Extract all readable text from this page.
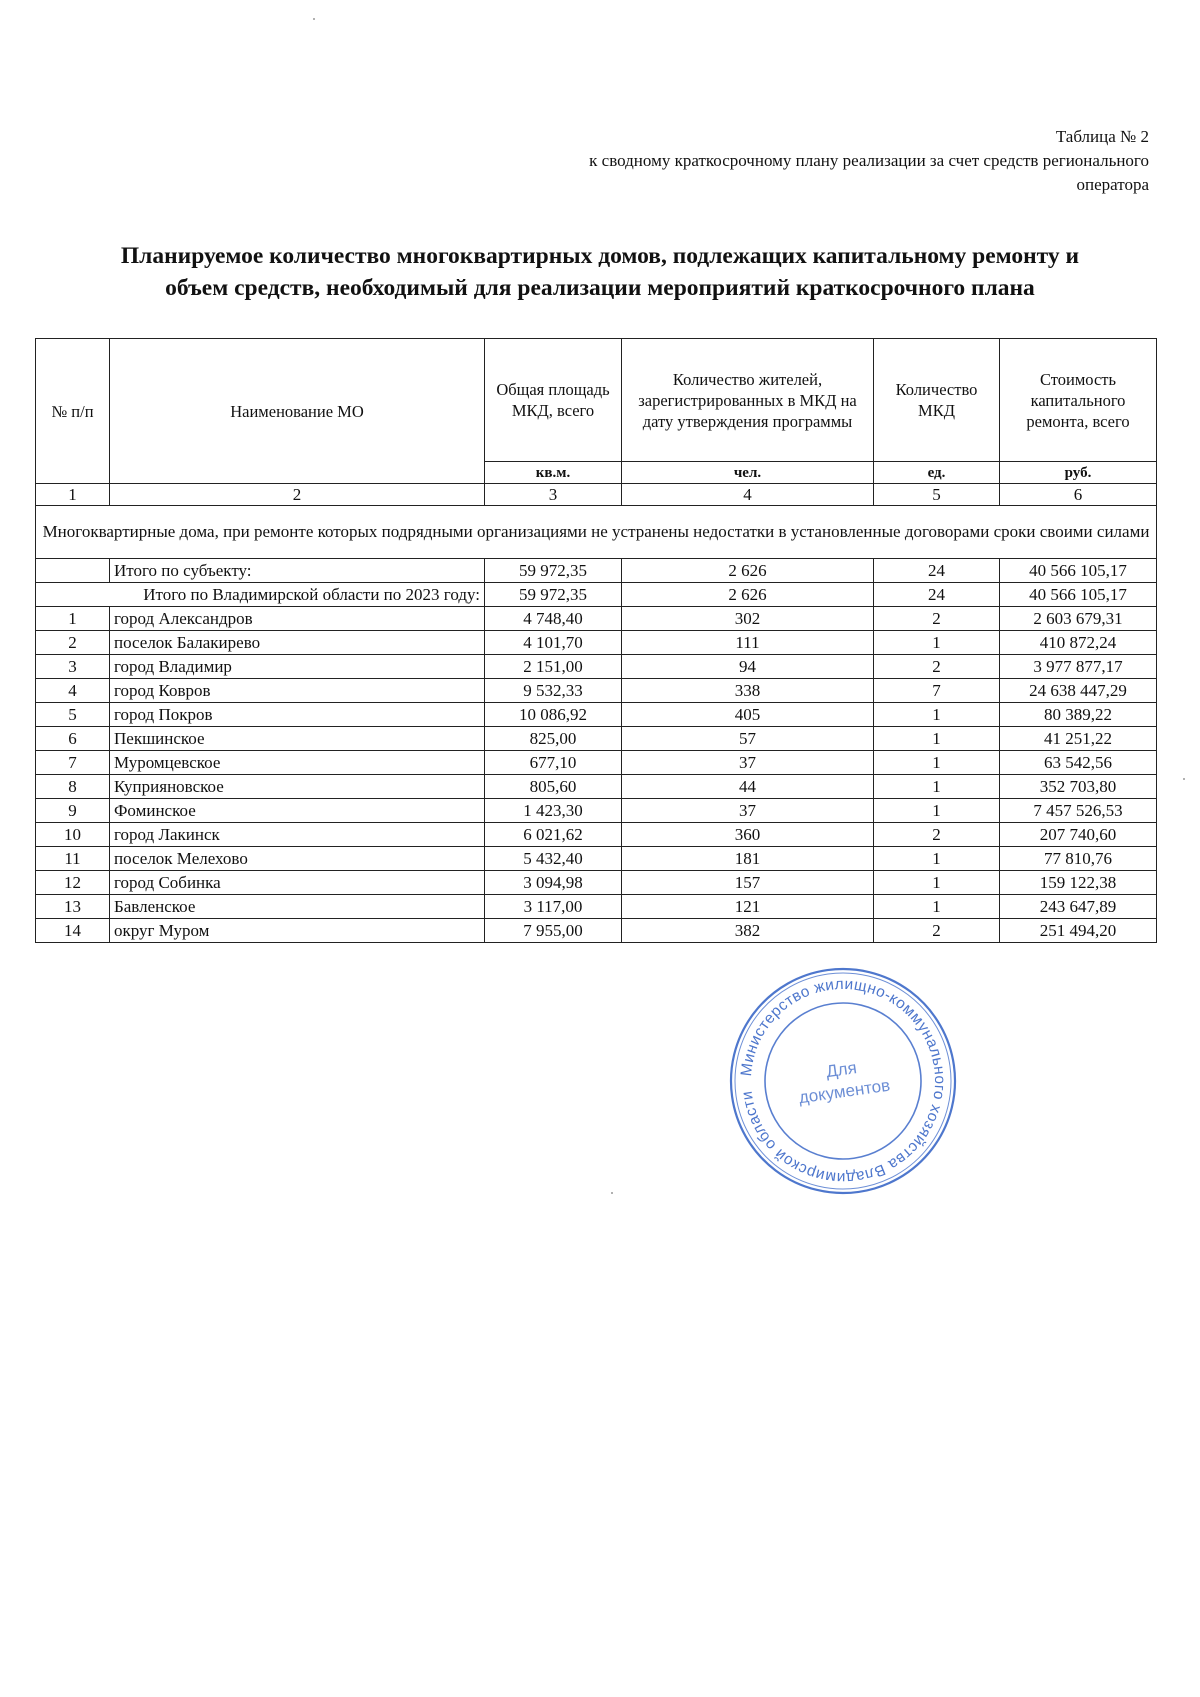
Таблица № 2
к сводному краткосрочному плану реализации за счет средств регионального
оператора
Планируемое количество многоквартирных домов, подлежащих капитальному ремонту и
объем средств, необходимый для реализации мероприятий краткосрочного плана
№ п/п	Наименование МО	Общая площадь МКД, всего	Количество жителей, зарегистрированных в МКД на дату утверждения программы	Количество МКД	Стоимость капитального ремонта, всего
		кв.м.	чел.	ед.	руб.
1	2	3	4	5	6
Многоквартирные дома, при ремонте которых подрядными организациями не устранены недостатки в установленные договорами сроки своими силами					
	Итого по субъекту:	59 972,35	2 626	24	40 566 105,17
Итого по Владимирской области по 2023 году:		59 972,35	2 626	24	40 566 105,17
1	город Александров	4 748,40	302	2	2 603 679,31
2	поселок Балакирево	4 101,70	111	1	410 872,24
3	город Владимир	2 151,00	94	2	3 977 877,17
4	город Ковров	9 532,33	338	7	24 638 447,29
5	город Покров	10 086,92	405	1	80 389,22
6	Пекшинское	825,00	57	1	41 251,22
7	Муромцевское	677,10	37	1	63 542,56
8	Куприяновское	805,60	44	1	352 703,80
9	Фоминское	1 423,30	37	1	7 457 526,53
10	город Лакинск	6 021,62	360	2	207 740,60
11	поселок Мелехово	5 432,40	181	1	77 810,76
12	город Собинка	3 094,98	157	1	159 122,38
13	Бавленское	3 117,00	121	1	243 647,89
14	округ Муром	7 955,00	382	2	251 494,20
Министерство жилищно-коммунального хозяйства Владимирской области
Для
документов
